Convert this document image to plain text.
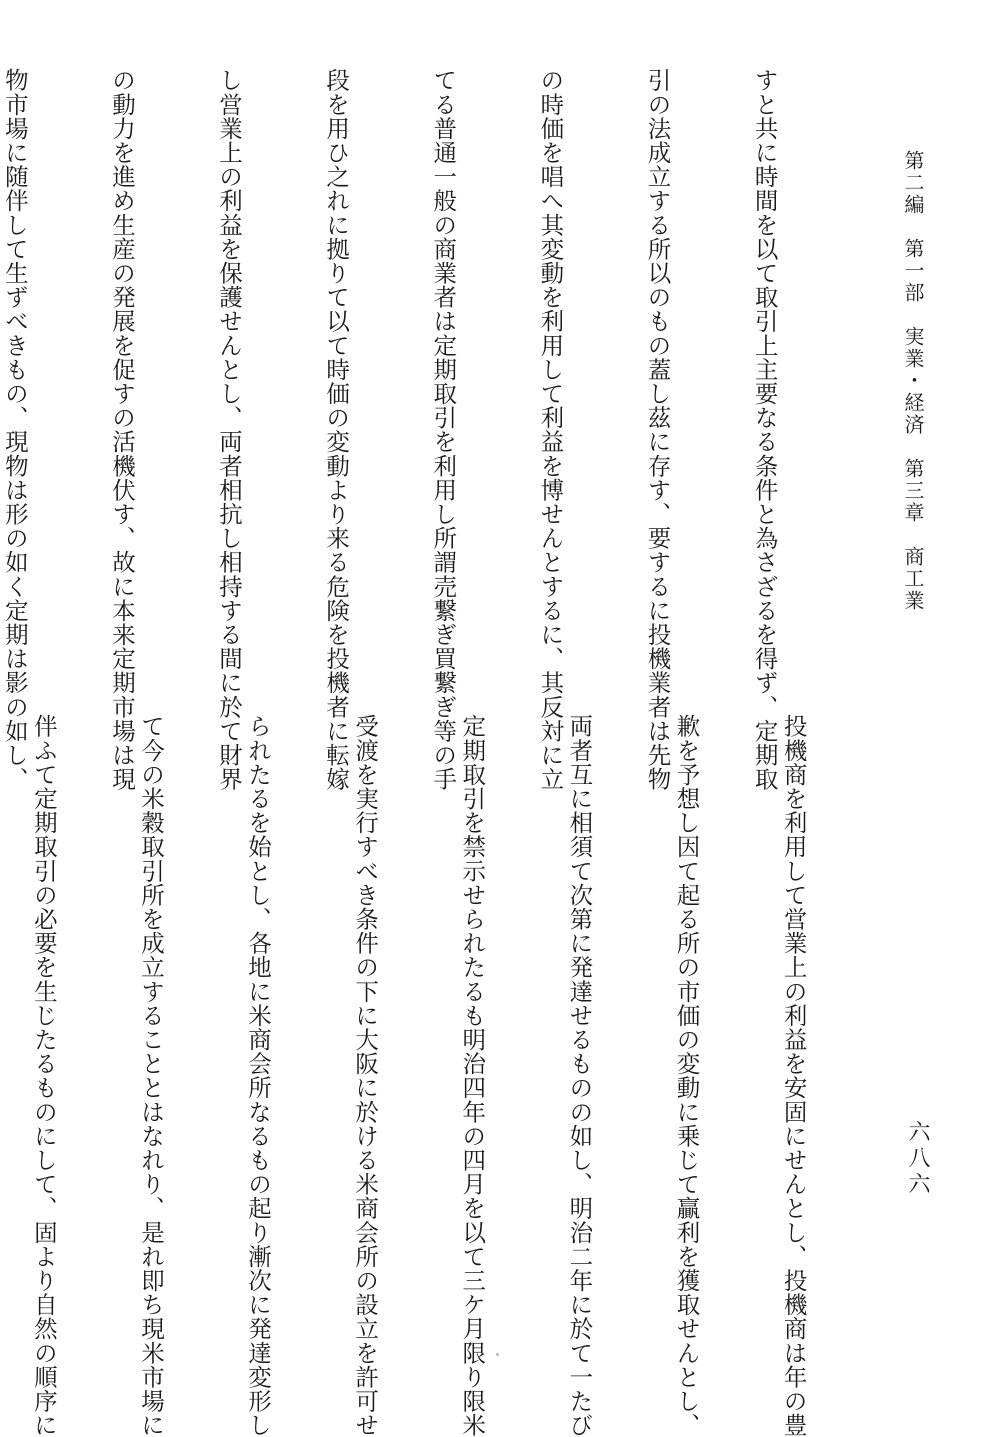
第二編　第一部　実業・経済　第三章　商工業
六八六

すと共に時間を以て取引上主要なる条件と為さざるを得ず、定期取

引の法成立する所以のもの蓋し茲に存す、要するに投機業者は先物

の時価を唱へ其変動を利用して利益を博せんとするに、其反対に立

てる普通一般の商業者は定期取引を利用し所謂売繋ぎ買繋ぎ等の手

段を用ひ之れに拠りて以て時価の変動より来る危険を投機者に転嫁

し営業上の利益を保護せんとし、両者相抗し相持する間に於て財界

の動力を進め生産の発展を促すの活機伏す、故に本来定期市場は現

物市場に随伴して生ずべきもの、現物は形の如く定期は影の如し、

投機商を利用して営業上の利益を安固にせんとし、投機商は年の豊

歉を予想し因て起る所の市価の変動に乗じて贏利を獲取せんとし、

両者互に相須て次第に発達せるものの如し、明治二年に於て一たび

定期取引を禁示せられたるも明治四年の四月を以て三ケ月限り限米

受渡を実行すべき条件の下に大阪に於ける米商会所の設立を許可せ

られたるを始とし、各地に米商会所なるもの起り漸次に発達変形し

て今の米穀取引所を成立することとはなれり、是れ即ち現米市場に

伴ふて定期取引の必要を生じたるものにして、固より自然の順序に
